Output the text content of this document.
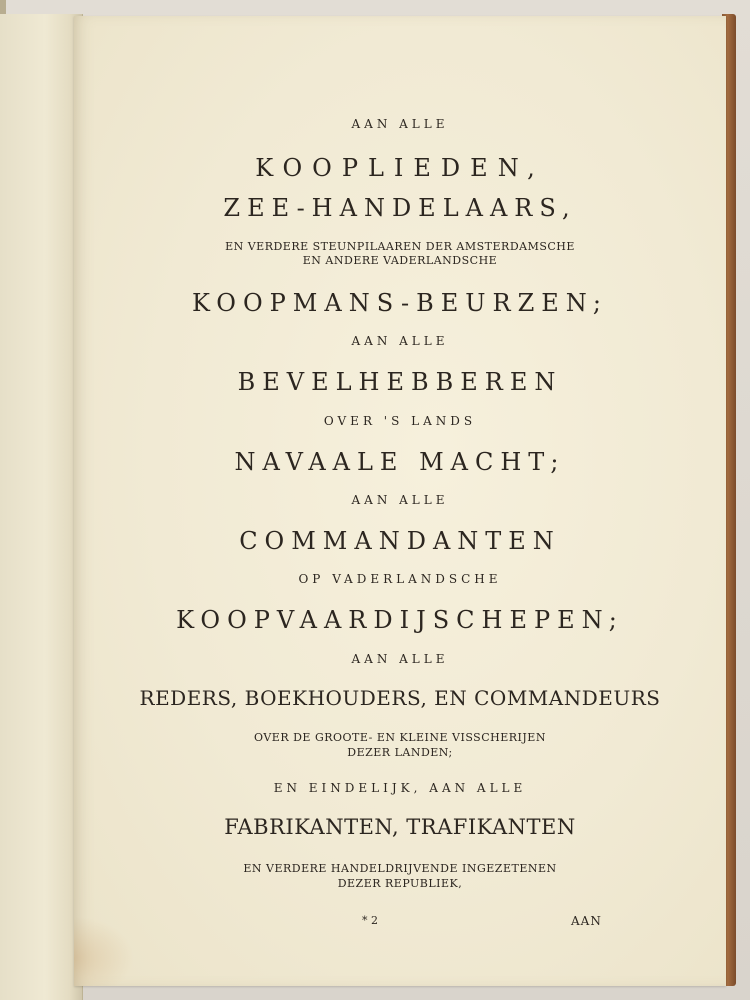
AAN ALLE
KOOPLIEDEN,
ZEE-HANDELAARS,
EN VERDERE STEUNPILAAREN DER AMSTERDAMSCHE
EN ANDERE VADERLANDSCHE
KOOPMANS-BEURZEN;
AAN ALLE
BEVELHEBBEREN
OVER 'S LANDS
NAVAALE MACHT;
AAN ALLE
COMMANDANTEN
OP VADERLANDSCHE
KOOPVAARDIJSCHEPEN;
AAN ALLE
REDERS, BOEKHOUDERS, EN COMMANDEURS
OVER DE GROOTE- EN KLEINE VISSCHERIJEN
DEZER LANDEN;
EN EINDELIJK, AAN ALLE
FABRIKANTEN, TRAFIKANTEN
EN VERDERE HANDELDRIJVENDE INGEZETENEN
DEZER REPUBLIEK,
* 2	AAN
